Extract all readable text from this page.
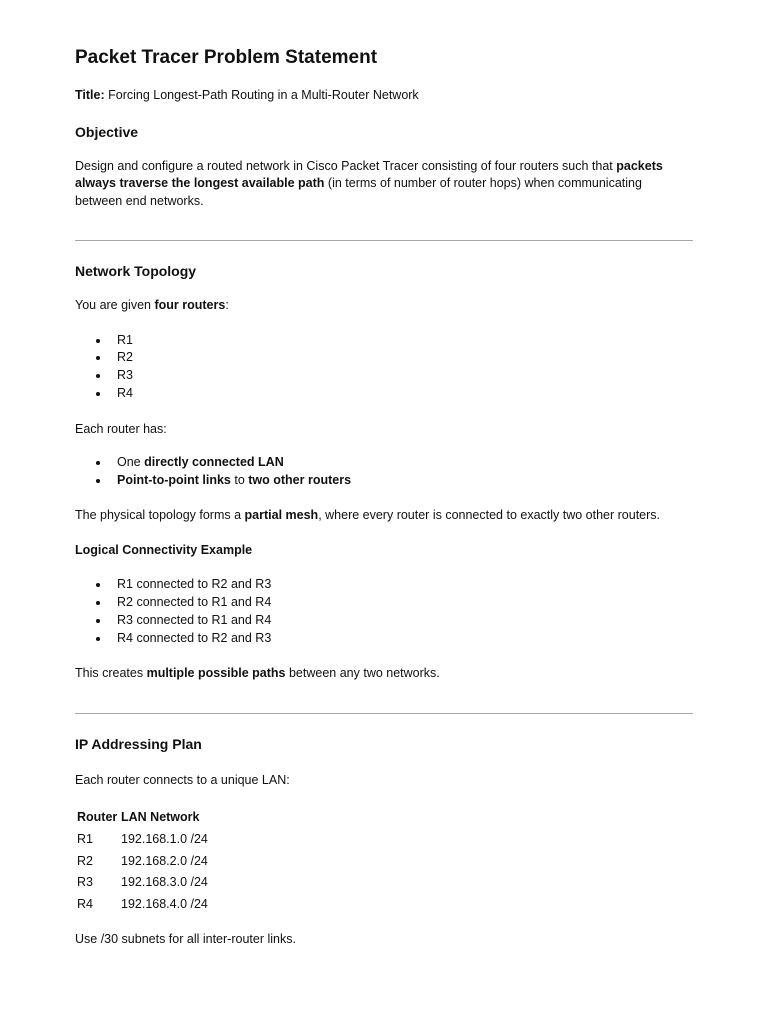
Packet Tracer Problem Statement

Title: Forcing Longest-Path Routing in a Multi-Router Network

Objective

Design and configure a routed network in Cisco Packet Tracer consisting of four routers such that packets
always traverse the longest available path (in terms of number of router hops) when communicating
between end networks.

Network Topology

You are given four routers:

R1
R2
R3
R4

Each router has:

One directly connected LAN
Point-to-point links to two other routers

The physical topology forms a partial mesh, where every router is connected to exactly two other routers.

Logical Connectivity Example
R1 connected to R2 and R3
R2 connected to R1 and R4
R3 connected to R1 and R4
R4 connected to R2 and R3

This creates multiple possible paths between any two networks.

IP Addressing Plan

Each router connects to a unique LAN:

Router	LAN Network
R1	192.168.1.0 /24
R2	192.168.2.0 /24
R3	192.168.3.0 /24
R4	192.168.4.0 /24

Use /30 subnets for all inter-router links.
